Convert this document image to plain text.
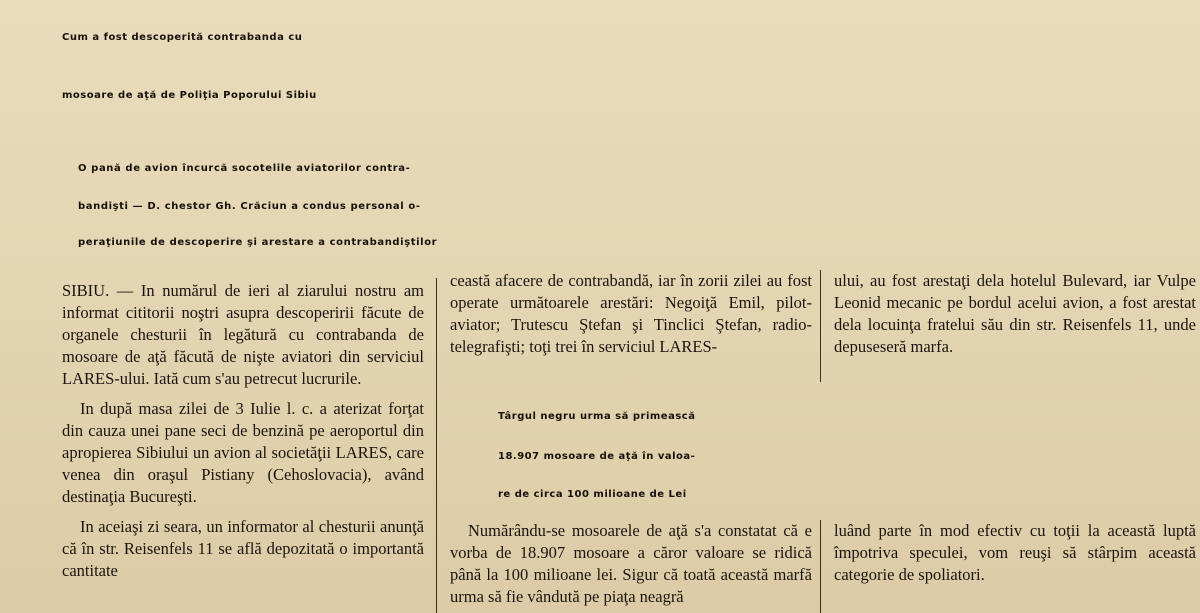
Cum a fost descoperită contrabanda cu
mosoare de aţă de Poliţia Poporului Sibiu
O pană de avion încurcă socotelile aviatorilor contra-
bandişti — D. chestor Gh. Crăciun a condus personal o-
peraţiunile de descoperire şi arestare a contrabandiştilor

SIBIU. — In numărul de ieri al ziarului nostru am informat cititorii noştri asupra descoperirii făcute de organele chesturii în legătură cu contrabanda de mosoare de aţă făcută de nişte aviatori din serviciul LARES-ului. Iată cum s'au petrecut lucrurile.

In după masa zilei de 3 Iulie l. c. a aterizat forţat din cauza unei pane seci de benzină pe aeroportul din apropierea Sibiului un avion al societăţii LARES, care venea din oraşul Pistiany (Cehoslovacia), având destinaţia Bucureşti.

In aceiaşi zi seara, un informator al chesturii anunţă că în str. Reisenfels 11 se află depozitată o importantă cantitate

ceastă afacere de contrabandă, iar în zorii zilei au fost operate următoarele arestări: Negoiţă Emil, pilot-aviator; Trutescu Ştefan şi Tinclici Ştefan, radio-telegrafişti; toţi trei în serviciul LARES-

ului, au fost arestaţi dela hotelul Bulevard, iar Vulpe Leonid mecanic pe bordul acelui avion, a fost arestat dela locuinţa fratelui său din str. Reisenfels 11, unde depuseseră marfa.

Târgul negru urma să primească
18.907 mosoare de aţă în valoa-
re de circa 100 milioane de Lei

Numărându-se mosoarele de aţă s'a constatat că e vorba de 18.907 mosoare a căror valoare se ridică până la 100 milioane lei. Sigur că toată această marfă urma să fie vândută pe piaţa neagră

luând parte în mod efectiv cu toţii la această luptă împotriva speculei, vom reuşi să stârpim această categorie de spoliatori.
